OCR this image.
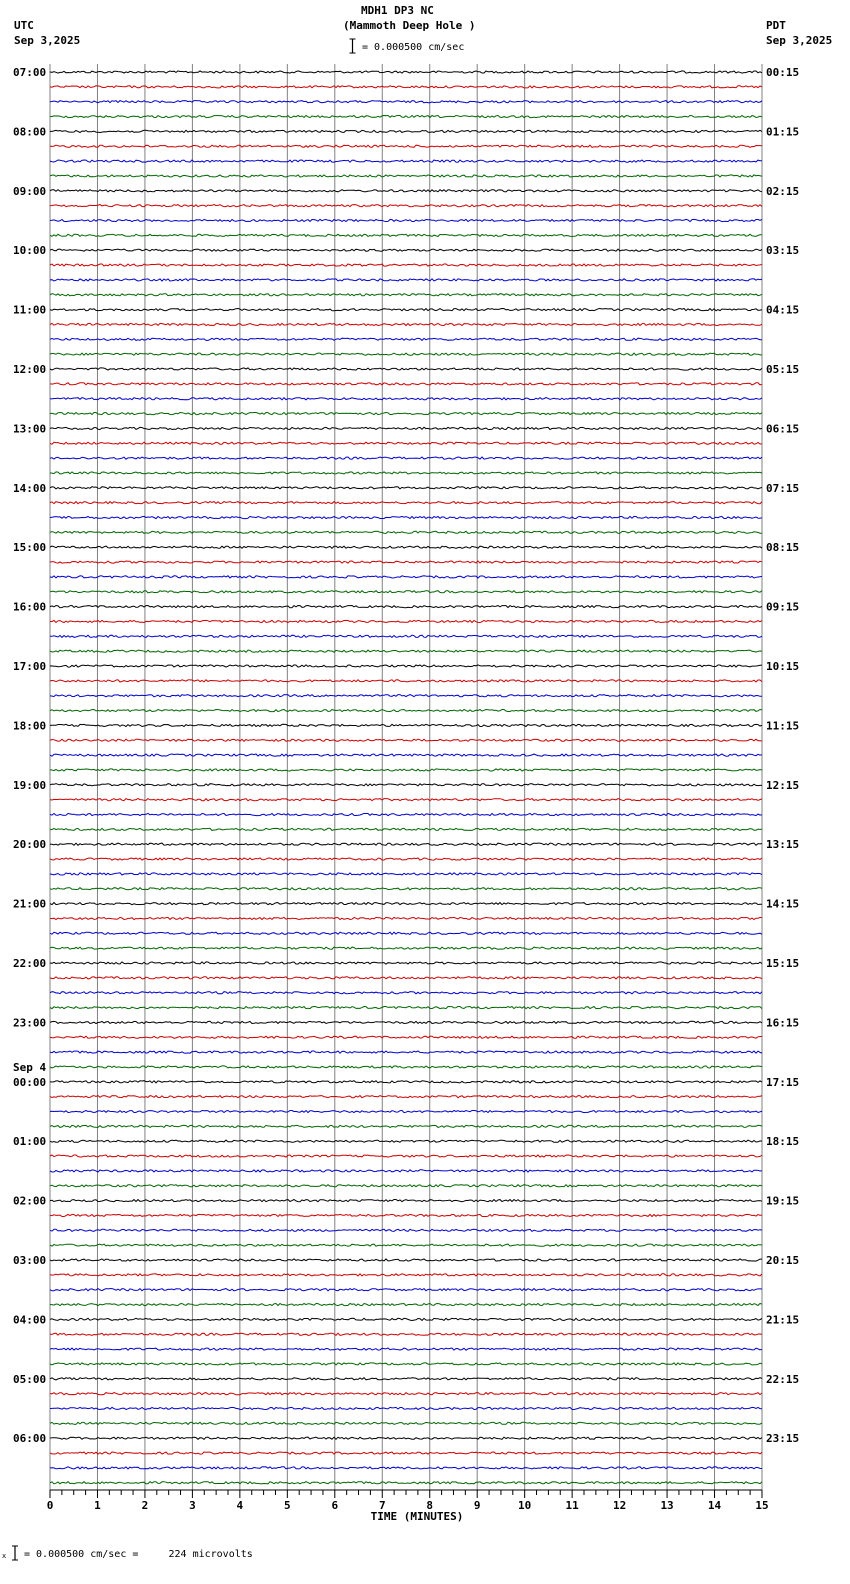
MDH1 DP3 NC
(Mammoth Deep Hole )
UTC
Sep 3,2025
PDT
Sep 3,2025
= 0.000500 cm/sec
07:00
08:00
09:00
10:00
11:00
12:00
13:00
14:00
15:00
16:00
17:00
18:00
19:00
20:00
21:00
22:00
23:00
00:00
Sep 4
01:00
02:00
03:00
04:00
05:00
06:00
00:15
01:15
02:15
03:15
04:15
05:15
06:15
07:15
08:15
09:15
10:15
11:15
12:15
13:15
14:15
15:15
16:15
17:15
18:15
19:15
20:15
21:15
22:15
23:15
0	1	2	3	4	5	6	7	8	9	10	11	12	13	14	15
TIME (MINUTES)
x = 0.000500 cm/sec =     224 microvolts
